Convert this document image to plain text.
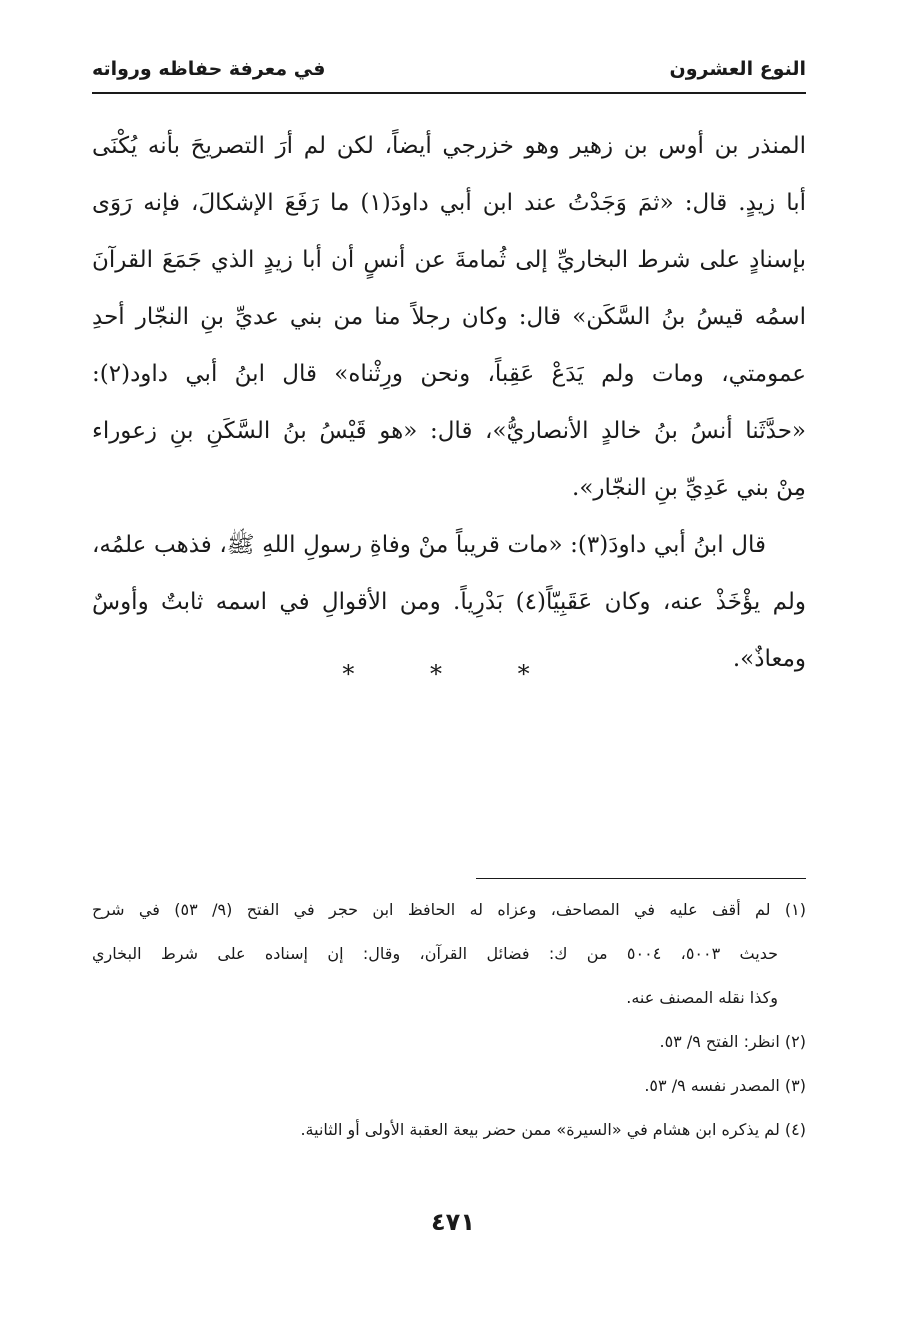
النوع العشرون
في معرفة حفاظه ورواته

المنذر بن أوس بن زهير وهو خزرجي أيضاً، لكن لم أرَ التصريحَ بأنه يُكْنَى
أبا زيدٍ. قال: «ثمَ وَجَدْتُ عند ابن أبي داودَ(١) ما رَفَعَ الإشكالَ، فإنه رَوَى
بإسنادٍ على شرط البخاريِّ إلى ثُمامةَ عن أنسٍ أن أبا زيدٍ الذي جَمَعَ القرآنَ
اسمُه قيسُ بنُ السَّكَن» قال: وكان رجلاً منا من بني عديِّ بنِ النجّار أحدِ
عمومتي، ومات ولم يَدَعْ عَقِباً، ونحن ورِثْناه» قال ابنُ أبي داود(٢):
«حدَّثَنا أنسُ بنُ خالدٍ الأنصاريُّ»، قال: «هو قَيْسُ بنُ السَّكَنِ بنِ زعوراء
مِنْ بني عَدِيِّ بنِ النجّار».

قال ابنُ أبي داودَ(٣): «مات قريباً منْ وفاةِ رسولِ اللهِ ﷺ، فذهب علمُه،
ولم يؤْخَذْ عنه، وكان عَقَبِيّاً(٤) بَدْرِياً. ومن الأقوالِ في اسمه ثابتٌ وأوسٌ
ومعاذٌ».

* * *
(١) لم أقف عليه في المصاحف، وعزاه له الحافظ ابن حجر في الفتح (٩/ ٥٣) في شرح
حديث ٥٠٠٣، ٥٠٠٤ من ك: فضائل القرآن، وقال: إن إسناده على شرط البخاري
وكذا نقله المصنف عنه.
(٢) انظر: الفتح ٩/ ٥٣.
(٣) المصدر نفسه ٩/ ٥٣.
(٤) لم يذكره ابن هشام في «السيرة» ممن حضر بيعة العقبة الأولى أو الثانية.
٤٧١
